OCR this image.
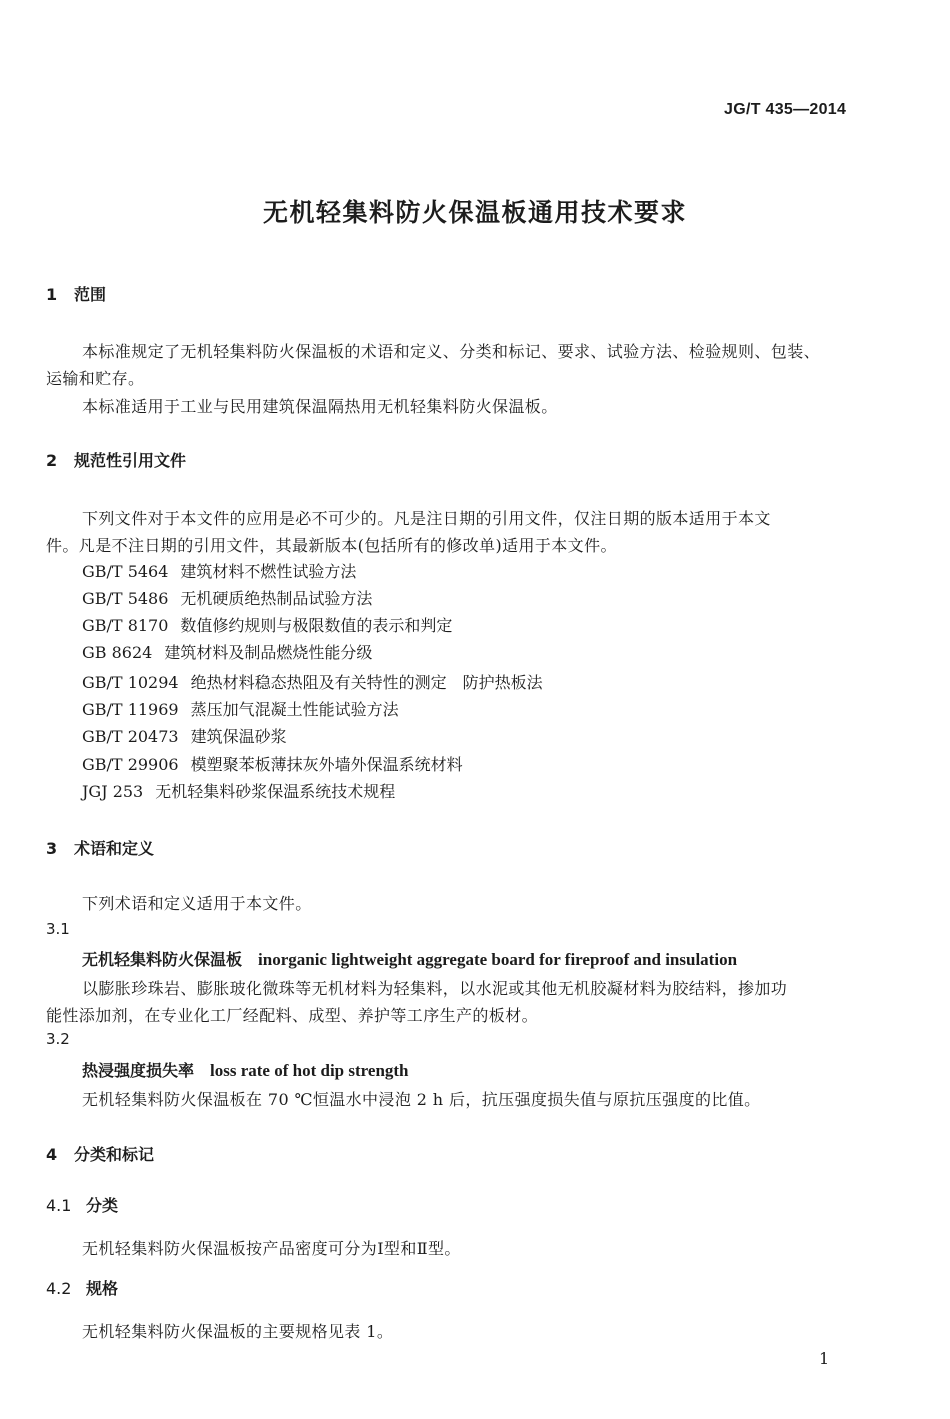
JG/T 435—2014
无机轻集料防火保温板通用技术要求
1 范围
本标准规定了无机轻集料防火保温板的术语和定义、分类和标记、要求、试验方法、检验规则、包装、
运输和贮存。
本标准适用于工业与民用建筑保温隔热用无机轻集料防火保温板。
2 规范性引用文件
下列文件对于本文件的应用是必不可少的。凡是注日期的引用文件，仅注日期的版本适用于本文
件。凡是不注日期的引用文件，其最新版本(包括所有的修改单)适用于本文件。
GB/T 5464 建筑材料不燃性试验方法
GB/T 5486 无机硬质绝热制品试验方法
GB/T 8170 数值修约规则与极限数值的表示和判定
GB 8624 建筑材料及制品燃烧性能分级
GB/T 10294 绝热材料稳态热阻及有关特性的测定　防护热板法
GB/T 11969 蒸压加气混凝土性能试验方法
GB/T 20473 建筑保温砂浆
GB/T 29906 模塑聚苯板薄抹灰外墙外保温系统材料
JGJ 253 无机轻集料砂浆保温系统技术规程
3 术语和定义
下列术语和定义适用于本文件。
3.1
无机轻集料防火保温板 inorganic lightweight aggregate board for fireproof and insulation
以膨胀珍珠岩、膨胀玻化微珠等无机材料为轻集料，以水泥或其他无机胶凝材料为胶结料，掺加功
能性添加剂，在专业化工厂经配料、成型、养护等工序生产的板材。
3.2
热浸强度损失率 loss rate of hot dip strength
无机轻集料防火保温板在 70 ℃恒温水中浸泡 2 h 后，抗压强度损失值与原抗压强度的比值。
4 分类和标记
4.1 分类
无机轻集料防火保温板按产品密度可分为Ⅰ型和Ⅱ型。
4.2 规格
无机轻集料防火保温板的主要规格见表 1。
1
